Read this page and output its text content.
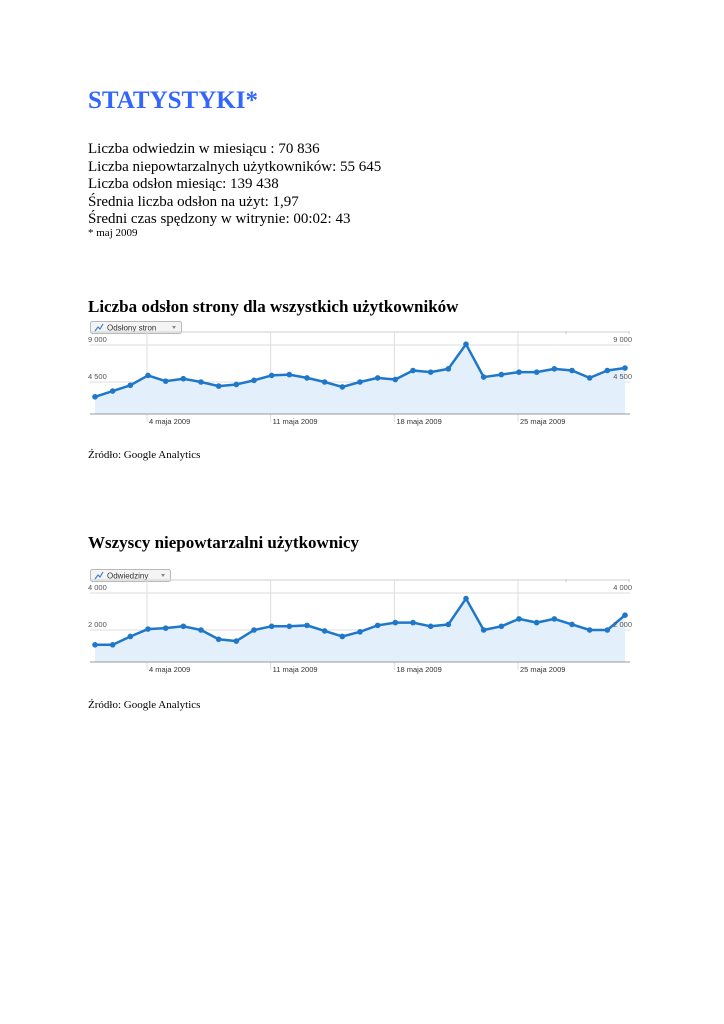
STATYSTYKI*
Liczba odwiedzin w miesiącu : 70 836
Liczba niepowtarzalnych użytkowników: 55 645
Liczba odsłon miesiąc: 139 438
Średnia liczba odsłon na użyt: 1,97
Średni czas spędzony w witrynie: 00:02: 43
* maj 2009
Liczba odsłon strony dla wszystkich użytkowników
Odsłony stron
9 000	9 000
4 500	4 500
4 maja 2009	11 maja 2009	18 maja 2009	25 maja 2009
Źródło: Google Analytics
Wszyscy niepowtarzalni użytkownicy
Odwiedziny
4 000	4 000
2 000	2 000
4 maja 2009	11 maja 2009	18 maja 2009	25 maja 2009
Źródło: Google Analytics
